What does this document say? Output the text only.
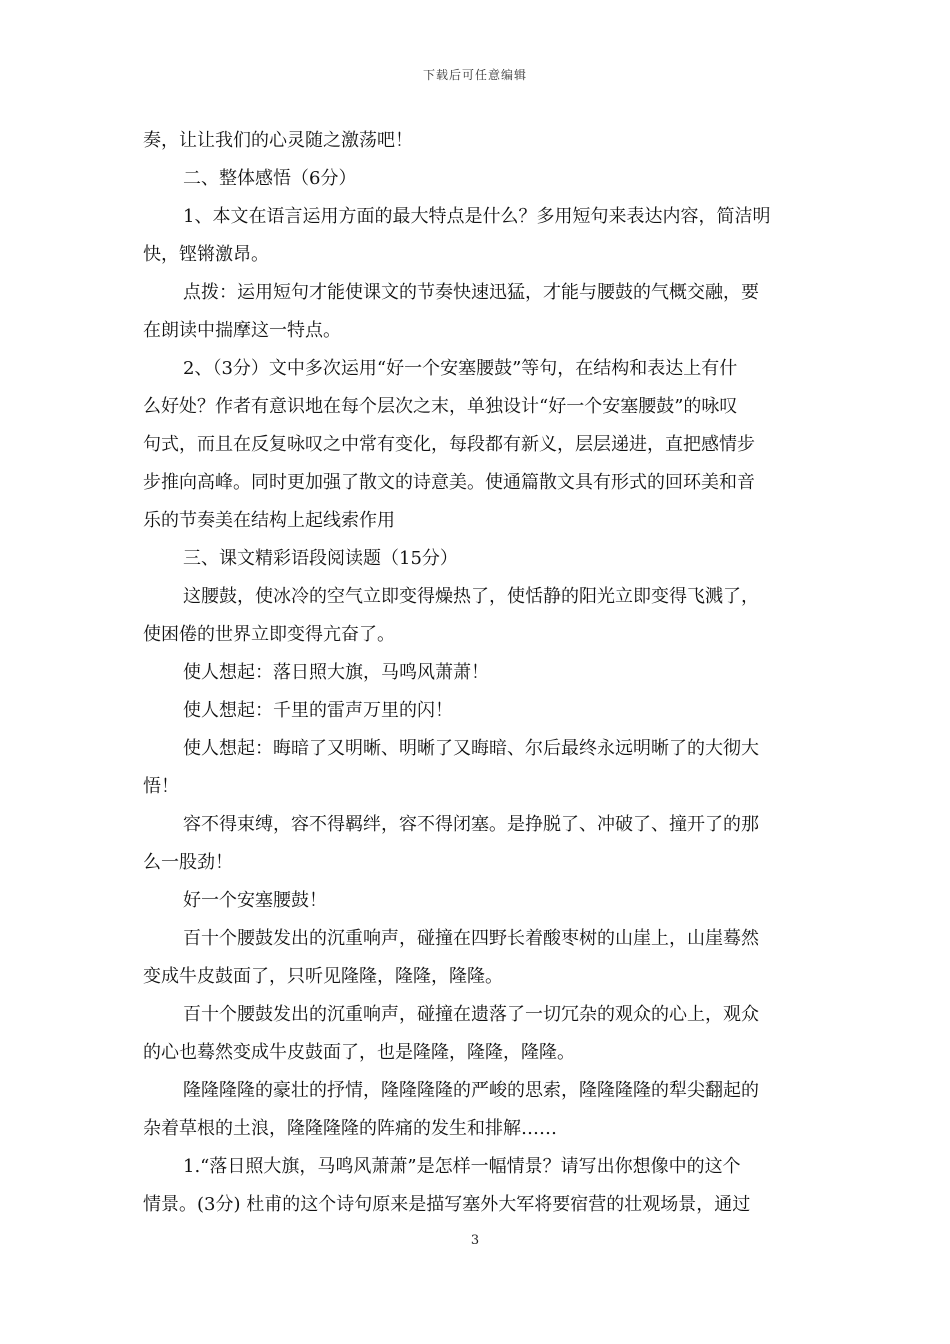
下载后可任意编辑
奏，让让我们的心灵随之激荡吧！
二、整体感悟（6分）
1、本文在语言运用方面的最大特点是什么？多用短句来表达内容，简洁明
快，铿锵激昂。
点拨：运用短句才能使课文的节奏快速迅猛，才能与腰鼓的气概交融，要
在朗读中揣摩这一特点。
2、（3分）文中多次运用“好一个安塞腰鼓”等句，在结构和表达上有什
么好处？作者有意识地在每个层次之末，单独设计“好一个安塞腰鼓”的咏叹
句式，而且在反复咏叹之中常有变化，每段都有新义，层层递进，直把感情步
步推向高峰。同时更加强了散文的诗意美。使通篇散文具有形式的回环美和音
乐的节奏美在结构上起线索作用
三、课文精彩语段阅读题（15分）
这腰鼓，使冰冷的空气立即变得燥热了，使恬静的阳光立即变得飞溅了，
使困倦的世界立即变得亢奋了。
使人想起：落日照大旗，马鸣风萧萧！
使人想起：千里的雷声万里的闪！
使人想起：晦暗了又明晰、明晰了又晦暗、尔后最终永远明晰了的大彻大
悟！
容不得束缚，容不得羁绊，容不得闭塞。是挣脱了、冲破了、撞开了的那
么一股劲！
好一个安塞腰鼓！
百十个腰鼓发出的沉重响声，碰撞在四野长着酸枣树的山崖上，山崖蓦然
变成牛皮鼓面了，只听见隆隆，隆隆，隆隆。
百十个腰鼓发出的沉重响声，碰撞在遗落了一切冗杂的观众的心上，观众
的心也蓦然变成牛皮鼓面了，也是隆隆，隆隆，隆隆。
隆隆隆隆的豪壮的抒情，隆隆隆隆的严峻的思索，隆隆隆隆的犁尖翻起的
杂着草根的土浪，隆隆隆隆的阵痛的发生和排解……
1.“落日照大旗，马鸣风萧萧”是怎样一幅情景？请写出你想像中的这个
情景。(3分) 杜甫的这个诗句原来是描写塞外大军将要宿营的壮观场景，通过
3
